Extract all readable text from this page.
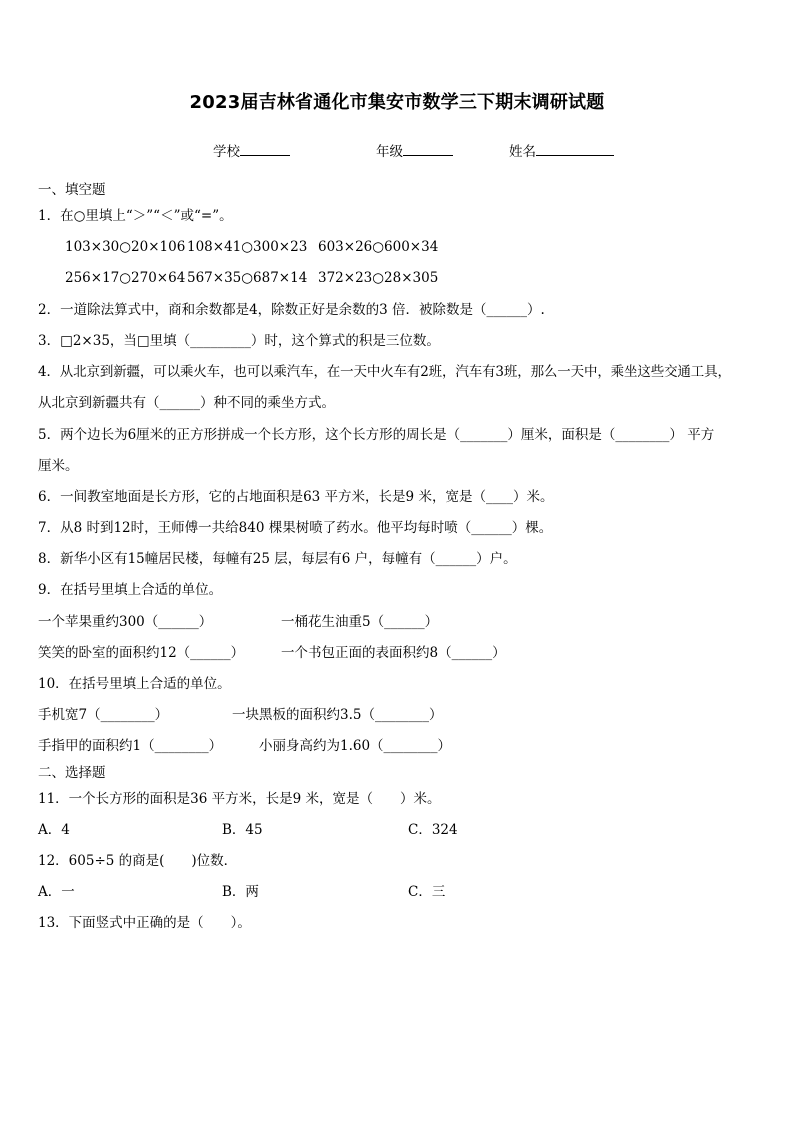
2023届吉林省通化市集安市数学三下期末调研试题
学校	年级	姓名
一、填空题
1．在○里填上“＞”“＜”或“=”。
103×30○20×106 108×41○300×23 603×26○600×34
256×17○270×64 567×35○687×14 372×23○28×305
2．一道除法算式中，商和余数都是4，除数正好是余数的3 倍．被除数是（______）.
3．□2×35，当□里填（_________）时，这个算式的积是三位数。
4．从北京到新疆，可以乘火车，也可以乘汽车，在一天中火车有2班，汽车有3班，那么一天中，乘坐这些交通工具，
从北京到新疆共有（______）种不同的乘坐方式。
5．两个边长为6厘米的正方形拼成一个长方形，这个长方形的周长是（_______）厘米，面积是（________） 平方
厘米。
6．一间教室地面是长方形，它的占地面积是63 平方米，长是9 米，宽是（____）米。
7．从8 时到12时，王师傅一共给840 棵果树喷了药水。他平均每时喷（______）棵。
8．新华小区有15幢居民楼，每幢有25 层，每层有6 户，每幢有（______）户。
9．在括号里填上合适的单位。
一个苹果重约300（______）	一桶花生油重5（______）
笑笑的卧室的面积约12（______）	一个书包正面的表面积约8（______）
10．在括号里填上合适的单位。
手机宽7（________）	一块黑板的面积约3.5（________）
手指甲的面积约1（________）	小丽身高约为1.60（________）
二、选择题
11．一个长方形的面积是36 平方米，长是9 米，宽是（　　）米。
A．4	B．45	C．324
12．605÷5 的商是(　　)位数．
A．一	B．两	C．三
13．下面竖式中正确的是（　　）。
